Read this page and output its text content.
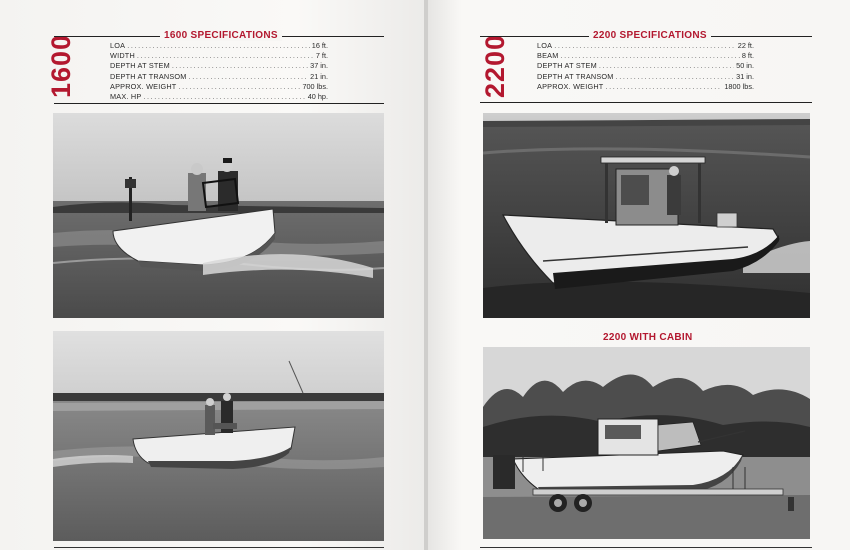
1600	1600 SPECIFICATIONS
LOA .....	16 ft.
WIDTH .....	7 ft.
DEPTH AT STEM .....	37 in.
DEPTH AT TRANSOM .....	21 in.
APPROX. WEIGHT .....	700 lbs.
MAX. HP .....	40 hp.	2200	2200 SPECIFICATIONS
LOA .....	22 ft.
BEAM .....	8 ft.
DEPTH AT STEM .....	50 in.
DEPTH AT TRANSOM .....	31 in.
APPROX. WEIGHT .....	1800 lbs.
2200 WITH CABIN
